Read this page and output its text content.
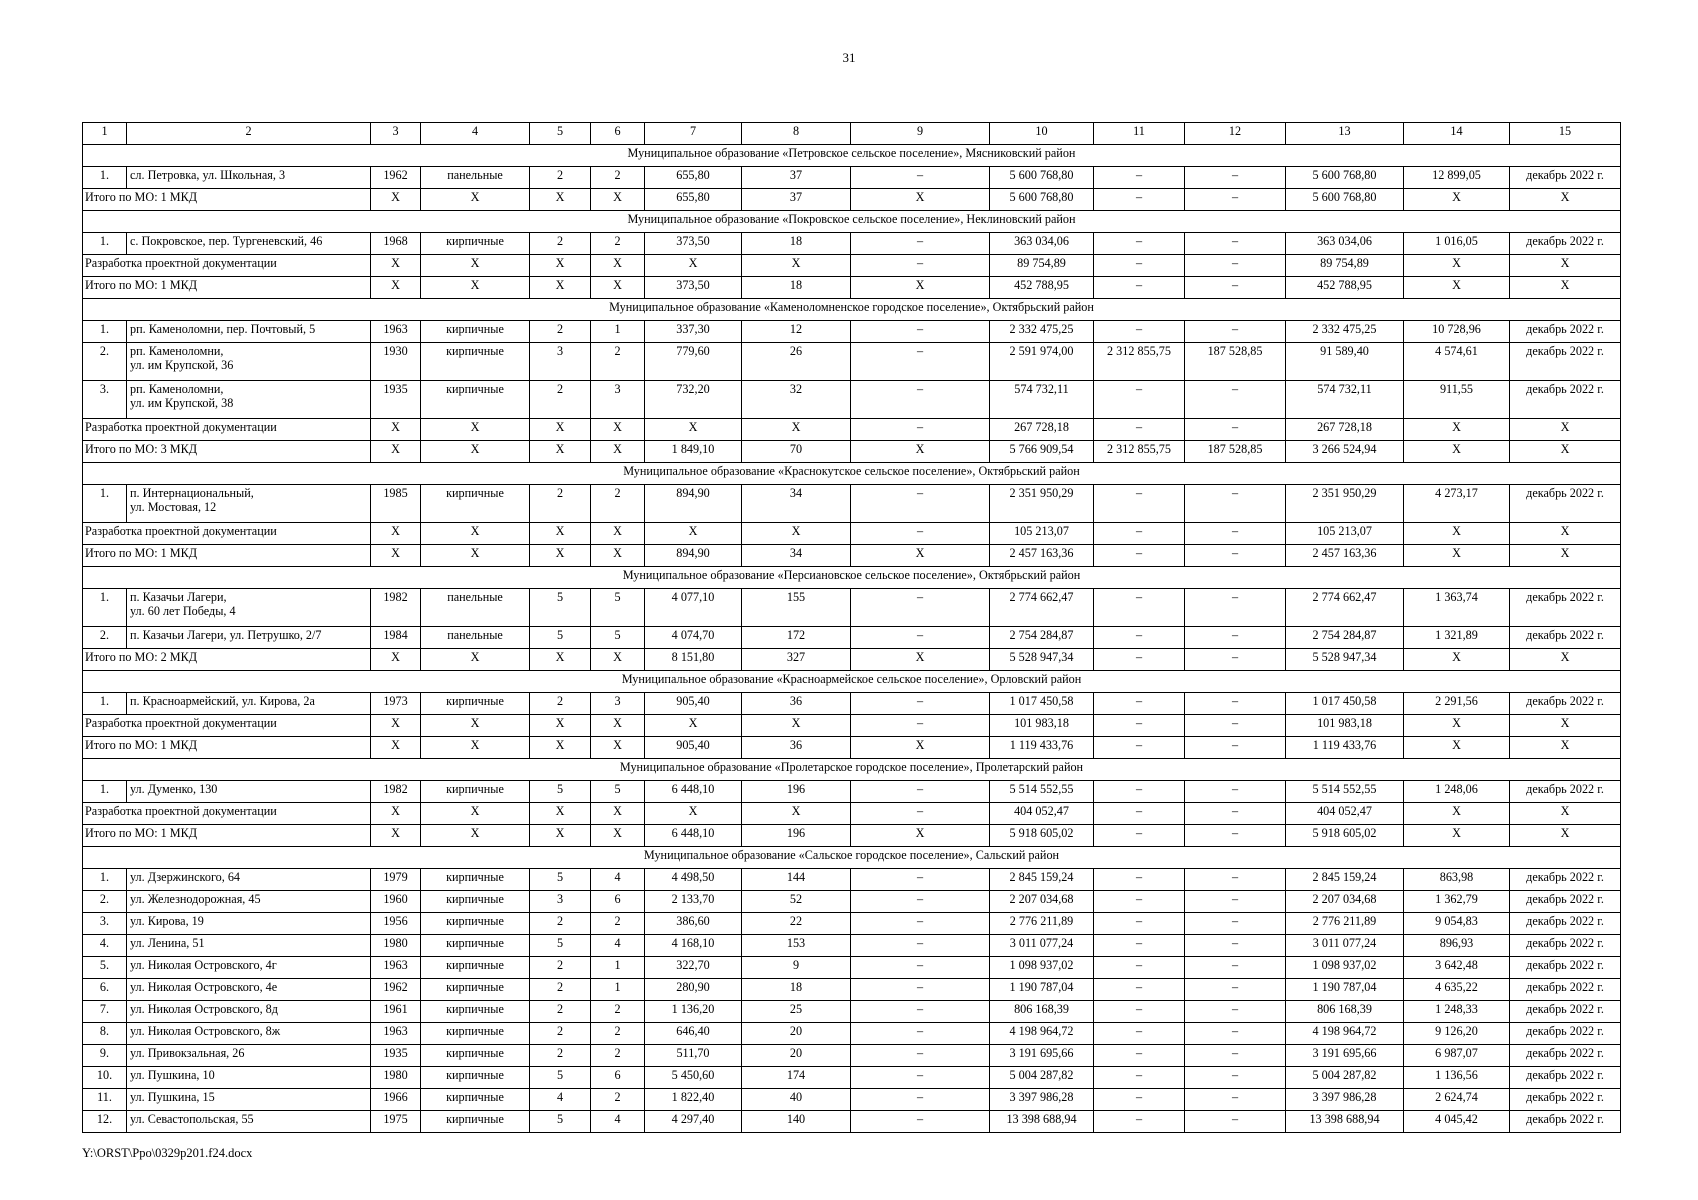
31
1	2	3	4	5	6	7	8	9	10	11	12	13	14	15
Муниципальное образование «Петровское сельское поселение», Мясниковский район														
1.	сл. Петровка, ул. Школьная, 3	1962	панельные	2	2	655,80	37	–	5 600 768,80	–	–	5 600 768,80	12 899,05	декабрь 2022 г.
Итого по МО: 1 МКД		X	X	X	X	655,80	37	X	5 600 768,80	–	–	5 600 768,80	X	X
Муниципальное образование «Покровское сельское поселение», Неклиновский район														
1.	с. Покровское, пер. Тургеневский, 46	1968	кирпичные	2	2	373,50	18	–	363 034,06	–	–	363 034,06	1 016,05	декабрь 2022 г.
Разработка проектной документации		X	X	X	X	X	X	–	89 754,89	–	–	89 754,89	X	X
Итого по МО: 1 МКД		X	X	X	X	373,50	18	X	452 788,95	–	–	452 788,95	X	X
Муниципальное образование «Каменоломненское городское поселение», Октябрьский район														
1.	рп. Каменоломни, пер. Почтовый, 5	1963	кирпичные	2	1	337,30	12	–	2 332 475,25	–	–	2 332 475,25	10 728,96	декабрь 2022 г.
2.	рп. Каменоломни,
ул. им Крупской, 36	1930	кирпичные	3	2	779,60	26	–	2 591 974,00	2 312 855,75	187 528,85	91 589,40	4 574,61	декабрь 2022 г.
3.	рп. Каменоломни,
ул. им Крупской, 38	1935	кирпичные	2	3	732,20	32	–	574 732,11	–	–	574 732,11	911,55	декабрь 2022 г.
Разработка проектной документации		X	X	X	X	X	X	–	267 728,18	–	–	267 728,18	X	X
Итого по МО: 3 МКД		X	X	X	X	1 849,10	70	X	5 766 909,54	2 312 855,75	187 528,85	3 266 524,94	X	X
Муниципальное образование «Краснокутское сельское поселение», Октябрьский район														
1.	п. Интернациональный,
ул. Мостовая, 12	1985	кирпичные	2	2	894,90	34	–	2 351 950,29	–	–	2 351 950,29	4 273,17	декабрь 2022 г.
Разработка проектной документации		X	X	X	X	X	X	–	105 213,07	–	–	105 213,07	X	X
Итого по МО: 1 МКД		X	X	X	X	894,90	34	X	2 457 163,36	–	–	2 457 163,36	X	X
Муниципальное образование «Персиановское сельское поселение», Октябрьский район														
1.	п. Казачьи Лагери,
ул. 60 лет Победы, 4	1982	панельные	5	5	4 077,10	155	–	2 774 662,47	–	–	2 774 662,47	1 363,74	декабрь 2022 г.
2.	п. Казачьи Лагери, ул. Петрушко, 2/7	1984	панельные	5	5	4 074,70	172	–	2 754 284,87	–	–	2 754 284,87	1 321,89	декабрь 2022 г.
Итого по МО: 2 МКД		X	X	X	X	8 151,80	327	X	5 528 947,34	–	–	5 528 947,34	X	X
Муниципальное образование «Красноармейское сельское поселение», Орловский район														
1.	п. Красноармейский, ул. Кирова, 2а	1973	кирпичные	2	3	905,40	36	–	1 017 450,58	–	–	1 017 450,58	2 291,56	декабрь 2022 г.
Разработка проектной документации		X	X	X	X	X	X	–	101 983,18	–	–	101 983,18	X	X
Итого по МО: 1 МКД		X	X	X	X	905,40	36	X	1 119 433,76	–	–	1 119 433,76	X	X
Муниципальное образование «Пролетарское городское поселение», Пролетарский район														
1.	ул. Думенко, 130	1982	кирпичные	5	5	6 448,10	196	–	5 514 552,55	–	–	5 514 552,55	1 248,06	декабрь 2022 г.
Разработка проектной документации		X	X	X	X	X	X	–	404 052,47	–	–	404 052,47	X	X
Итого по МО: 1 МКД		X	X	X	X	6 448,10	196	X	5 918 605,02	–	–	5 918 605,02	X	X
Муниципальное образование «Сальское городское поселение», Сальский район														
1.	ул. Дзержинского, 64	1979	кирпичные	5	4	4 498,50	144	–	2 845 159,24	–	–	2 845 159,24	863,98	декабрь 2022 г.
2.	ул. Железнодорожная, 45	1960	кирпичные	3	6	2 133,70	52	–	2 207 034,68	–	–	2 207 034,68	1 362,79	декабрь 2022 г.
3.	ул. Кирова, 19	1956	кирпичные	2	2	386,60	22	–	2 776 211,89	–	–	2 776 211,89	9 054,83	декабрь 2022 г.
4.	ул. Ленина, 51	1980	кирпичные	5	4	4 168,10	153	–	3 011 077,24	–	–	3 011 077,24	896,93	декабрь 2022 г.
5.	ул. Николая Островского, 4г	1963	кирпичные	2	1	322,70	9	–	1 098 937,02	–	–	1 098 937,02	3 642,48	декабрь 2022 г.
6.	ул. Николая Островского, 4е	1962	кирпичные	2	1	280,90	18	–	1 190 787,04	–	–	1 190 787,04	4 635,22	декабрь 2022 г.
7.	ул. Николая Островского, 8д	1961	кирпичные	2	2	1 136,20	25	–	806 168,39	–	–	806 168,39	1 248,33	декабрь 2022 г.
8.	ул. Николая Островского, 8ж	1963	кирпичные	2	2	646,40	20	–	4 198 964,72	–	–	4 198 964,72	9 126,20	декабрь 2022 г.
9.	ул. Привокзальная, 26	1935	кирпичные	2	2	511,70	20	–	3 191 695,66	–	–	3 191 695,66	6 987,07	декабрь 2022 г.
10.	ул. Пушкина, 10	1980	кирпичные	5	6	5 450,60	174	–	5 004 287,82	–	–	5 004 287,82	1 136,56	декабрь 2022 г.
11.	ул. Пушкина, 15	1966	кирпичные	4	2	1 822,40	40	–	3 397 986,28	–	–	3 397 986,28	2 624,74	декабрь 2022 г.
12.	ул. Севастопольская, 55	1975	кирпичные	5	4	4 297,40	140	–	13 398 688,94	–	–	13 398 688,94	4 045,42	декабрь 2022 г.
Y:\ORST\Ppo\0329p201.f24.docx
